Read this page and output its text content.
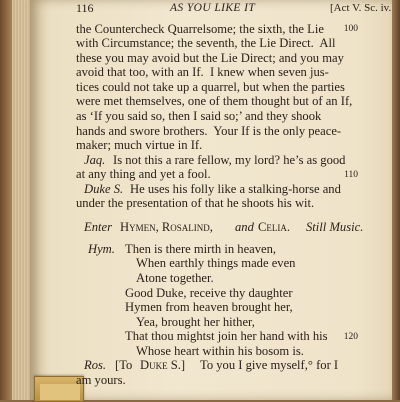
116	AS YOU LIKE IT	[Act V. Sc. iv.
the Countercheck Quarrelsome; the sixth, the Lie
with Circumstance; the seventh, the Lie Direct.  All
these you may avoid but the Lie Direct; and you may
avoid that too, with an If.  I knew when seven jus-
tices could not take up a quarrel, but when the parties
were met themselves, one of them thought but of an If,
as ‘If you said so, then I said so;’ and they shook
hands and swore brothers.  Your If is the only peace-
maker; much virtue in If.
100
Jaq. Is not this a rare fellow, my lord? he’s as good
at any thing and yet a fool.	110
Duke S. He uses his folly like a stalking-horse and
under the presentation of that he shoots his wit.
Enter Hymen, Rosalind, and Celia. Still Music.
Hym. Then is there mirth in heaven,
When earthly things made even
Atone together.
Good Duke, receive thy daughter
Hymen from heaven brought her,
Yea, brought her hither,
That thou mightst join her hand with his
Whose heart within his bosom is.
120
Ros. [To Duke S.] To you I give myself,° for I
am yours.
